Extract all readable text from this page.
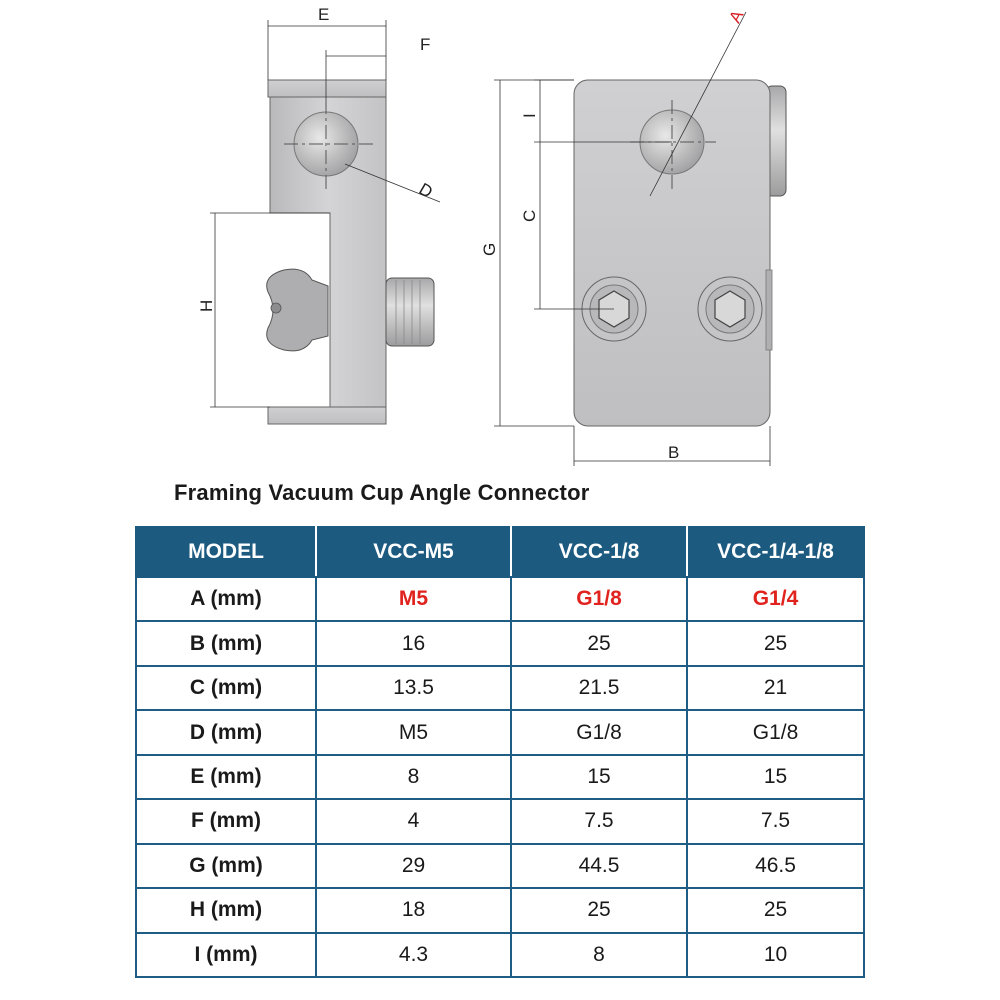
E
F
D
H
A
I
C
G
B
Framing Vacuum Cup Angle Connector
MODEL	VCC-M5	VCC-1/8	VCC-1/4-1/8
A (mm)	M5	G1/8	G1/4
B (mm)	16	25	25
C (mm)	13.5	21.5	21
D (mm)	M5	G1/8	G1/8
E (mm)	8	15	15
F (mm)	4	7.5	7.5
G (mm)	29	44.5	46.5
H (mm)	18	25	25
I (mm)	4.3	8	10
